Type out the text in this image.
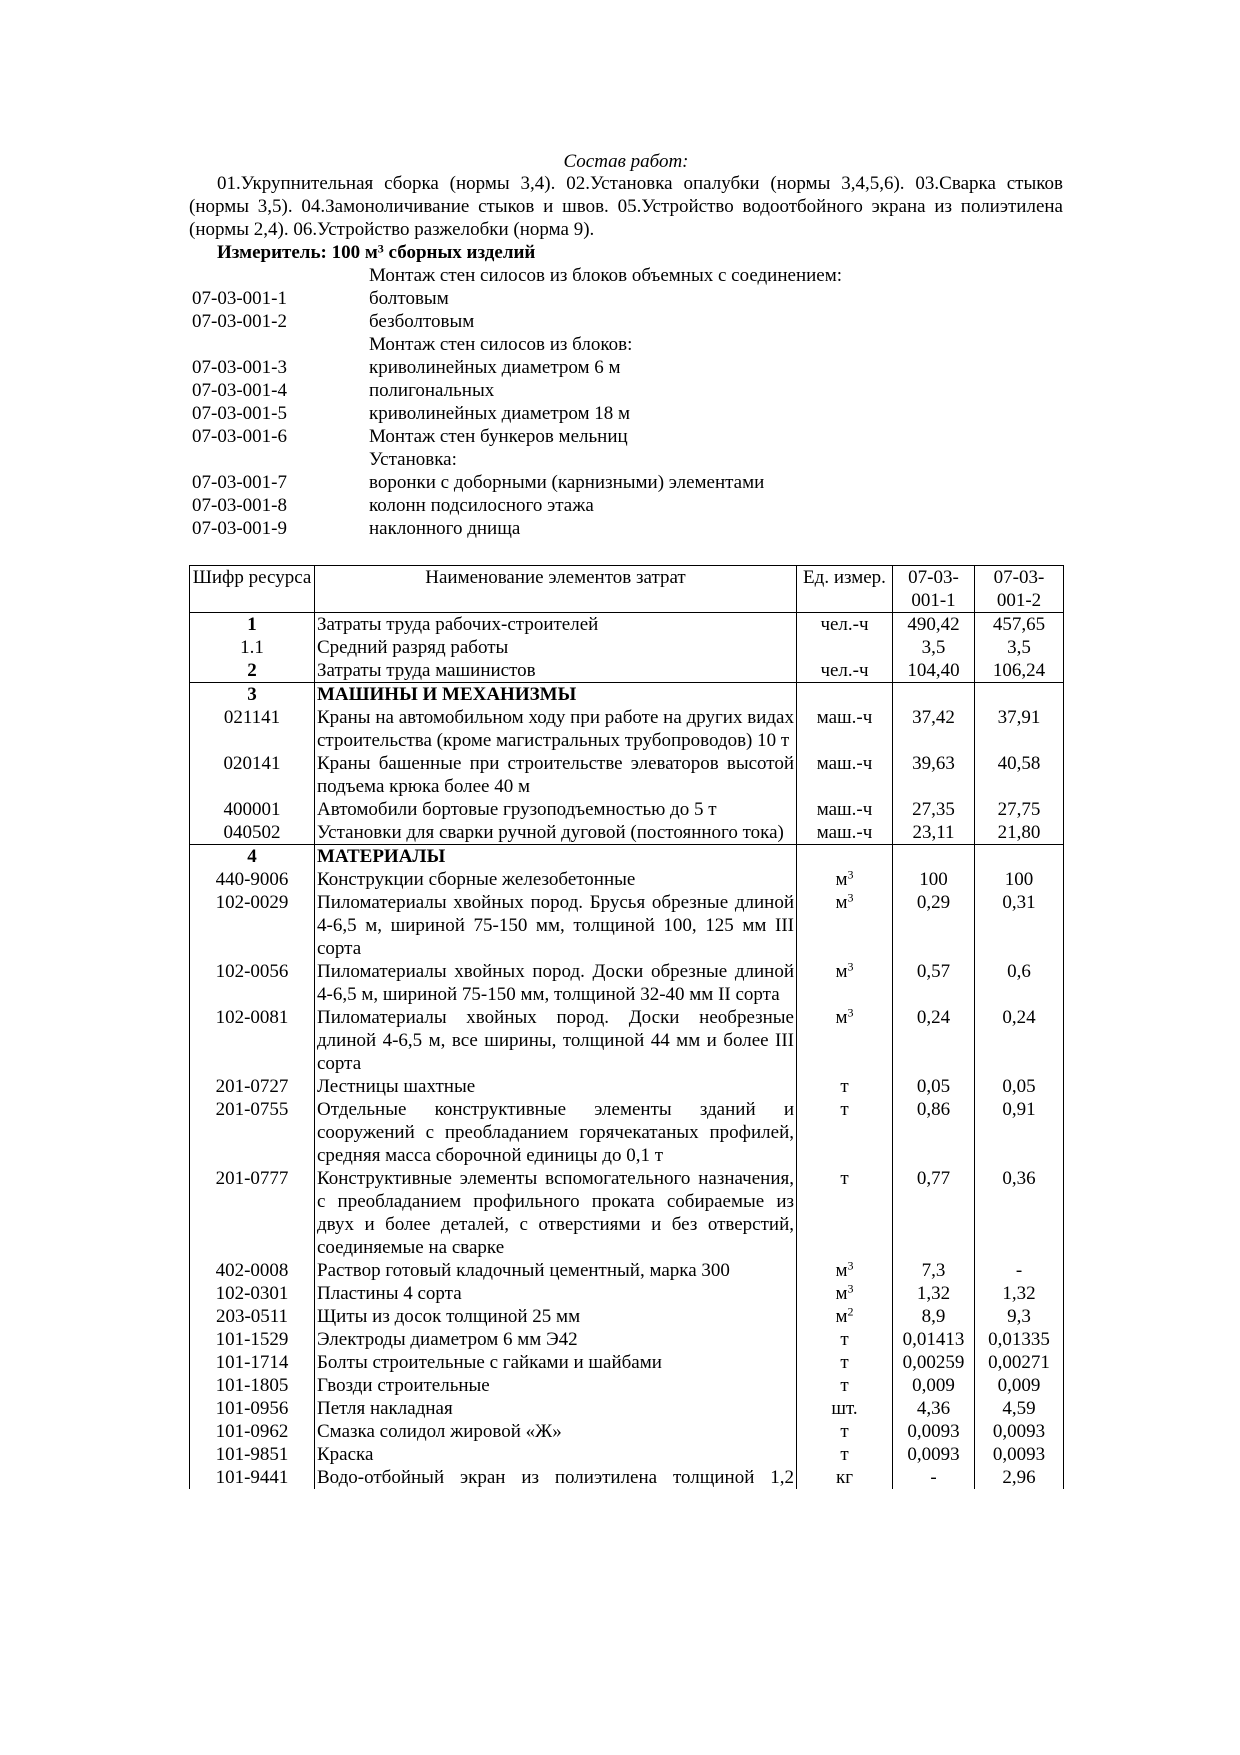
Состав работ:
01.Укрупнительная сборка (нормы 3,4). 02.Установка опалубки (нормы 3,4,5,6). 03.Сварка стыков (нормы 3,5). 04.Замоноличивание стыков и швов. 05.Устройство водоотбойного экрана из полиэтилена (нормы 2,4). 06.Устройство разжелобки (норма 9).
Измеритель: 100 $м^3$ сборных изделий
Монтаж стен силосов из блоков объемных с соединением:
07-03-001-1	болтовым
07-03-001-2	безболтовым
Монтаж стен силосов из блоков:
07-03-001-3	криволинейных диаметром 6 м
07-03-001-4	полигональных
07-03-001-5	криволинейных диаметром 18 м
07-03-001-6	Монтаж стен бункеров мельниц
Установка:
07-03-001-7	воронки с доборными (карнизными) элементами
07-03-001-8	колонн подсилосного этажа
07-03-001-9	наклонного днища
Шифр ресурса	Наименование элементов затрат	Ед. измер.	07-03-001-1	07-03-001-2
1	Затраты труда рабочих-строителей	чел.-ч	490,42	457,65
1.1	Средний разряд работы		3,5	3,5
2	Затраты труда машинистов	чел.-ч	104,40	106,24
3	МАШИНЫ И МЕХАНИЗМЫ			
021141	Краны на автомобильном ходу при работе на других видах строительства (кроме магистральных трубопроводов) 10 т	маш.-ч	37,42	37,91
020141	Краны башенные при строительстве элеваторов высотой подъема крюка более 40 м	маш.-ч	39,63	40,58
400001	Автомобили бортовые грузоподъемностью до 5 т	маш.-ч	27,35	27,75
040502	Установки для сварки ручной дуговой (постоянного тока)	маш.-ч	23,11	21,80
4	МАТЕРИАЛЫ			
440-9006	Конструкции сборные железобетонные	$м^3$	100	100
102-0029	Пиломатериалы хвойных пород. Брусья обрезные длиной 4-6,5 м, шириной 75-150 мм, толщиной 100, 125 мм III сорта	$м^3$	0,29	0,31
102-0056	Пиломатериалы хвойных пород. Доски обрезные длиной 4-6,5 м, шириной 75-150 мм, толщиной 32-40 мм II сорта	$м^3$	0,57	0,6
102-0081	Пиломатериалы хвойных пород. Доски необрезные длиной 4-6,5 м, все ширины, толщиной 44 мм и более III сорта	$м^3$	0,24	0,24
201-0727	Лестницы шахтные	т	0,05	0,05
201-0755	Отдельные конструктивные элементы зданий и сооружений с преобладанием горячекатаных профилей, средняя масса сборочной единицы до 0,1 т	т	0,86	0,91
201-0777	Конструктивные элементы вспомогательного назначения, с преобладанием профильного проката собираемые из двух и более деталей, с отверстиями и без отверстий, соединяемые на сварке	т	0,77	0,36
402-0008	Раствор готовый кладочный цементный, марка 300	$м^3$	7,3	-
102-0301	Пластины 4 сорта	$м^3$	1,32	1,32
203-0511	Щиты из досок толщиной 25 мм	$м^2$	8,9	9,3
101-1529	Электроды диаметром 6 мм Э42	т	0,01413	0,01335
101-1714	Болты строительные с гайками и шайбами	т	0,00259	0,00271
101-1805	Гвозди строительные	т	0,009	0,009
101-0956	Петля накладная	шт.	4,36	4,59
101-0962	Смазка солидол жировой «Ж»	т	0,0093	0,0093
101-9851	Краска	т	0,0093	0,0093
101-9441	Водо-отбойный экран из полиэтилена толщиной 1,2	кг	-	2,96
